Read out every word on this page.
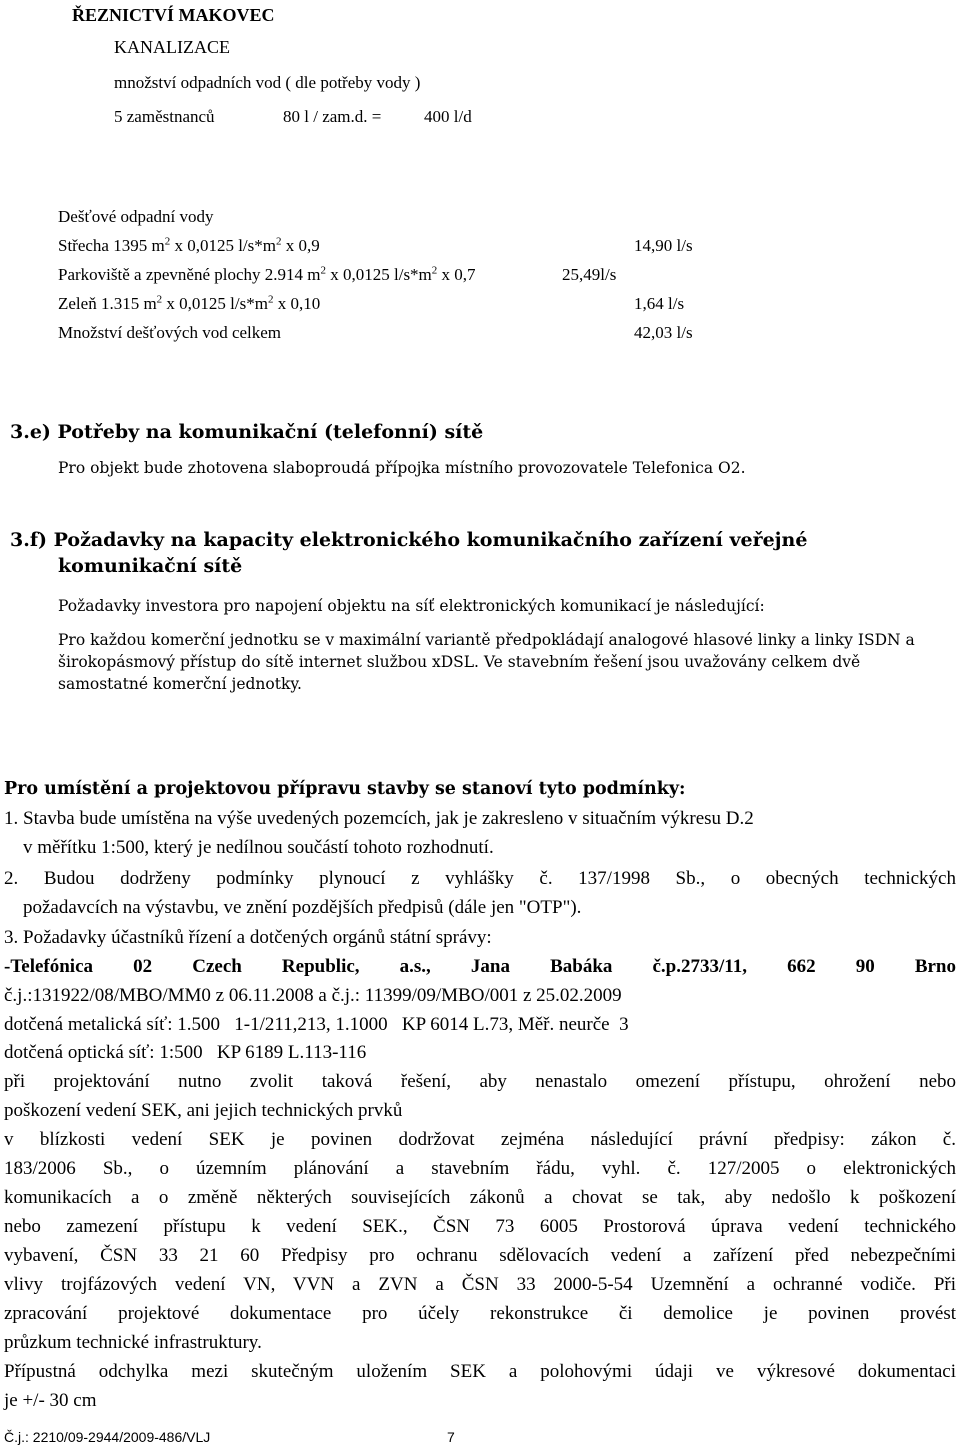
ŘEZNICTVÍ MAKOVEC
KANALIZACE
množství odpadních vod ( dle potřeby vody )
5 zaměstnanců	80 l / zam.d. =	400 l/d
Dešťové odpadní vody
Střecha 1395 $m^2$ x 0,0125 $l/s*m^2$ x 0,9	14,90 l/s
Parkoviště a zpevněné plochy 2.914 $m^2$ x 0,0125 $l/s*m^2$ x 0,7	25,49l/s
Zeleň 1.315 $m^2$ x 0,0125 $l/s*m^2$ x 0,10	1,64 l/s
Množství dešťových vod celkem	42,03 l/s
3.e) Potřeby na komunikační (telefonní) sítě
Pro objekt bude zhotovena slaboproudá přípojka místního provozovatele Telefonica O2.
3.f) Požadavky na kapacity elektronického komunikačního zařízení veřejné
komunikační sítě
Požadavky investora pro napojení objektu na síť elektronických komunikací je následující:
Pro každou komerční jednotku se v maximální variantě předpokládají analogové hlasové linky a linky ISDN a
širokopásmový přístup do sítě internet službou xDSL. Ve stavebním řešení jsou uvažovány celkem dvě
samostatné komerční jednotky.
Pro umístění a projektovou přípravu stavby se stanoví tyto podmínky:
1. Stavba bude umístěna na výše uvedených pozemcích, jak je zakresleno v situačním výkresu D.2
v měřítku 1:500, který je nedílnou součástí tohoto rozhodnutí.
2. Budou dodrženy podmínky plynoucí z vyhlášky č. 137/1998 Sb., o obecných technických
požadavcích na výstavbu, ve znění pozdějších předpisů (dále jen "OTP").
3. Požadavky účastníků řízení a dotčených orgánů státní správy:
-Telefónica 02 Czech Republic, a.s., Jana Babáka č.p.2733/11, 662 90 Brno
č.j.:131922/08/MBO/MM0 z 06.11.2008 a č.j.: 11399/09/MBO/001 z 25.02.2009
dotčená metalická síť: 1.500   1-1/211,213, 1.1000   KP 6014 L.73, Měř. neurče  3
dotčená optická síť: 1:500   KP 6189 L.113-116
při projektování nutno zvolit taková řešení, aby nenastalo omezení přístupu, ohrožení nebo
poškození vedení SEK, ani jejich technických prvků
v blízkosti vedení SEK je povinen dodržovat zejména následující právní předpisy: zákon č.
183/2006 Sb., o územním plánování a stavebním řádu, vyhl. č. 127/2005 o elektronických
komunikacích a o změně některých souvisejících zákonů a chovat se tak, aby nedošlo k poškození
nebo zamezení přístupu k vedení SEK., ČSN 73 6005 Prostorová úprava vedení technického
vybavení, ČSN 33 21 60 Předpisy pro ochranu sdělovacích vedení a zařízení před nebezpečními
vlivy trojfázových vedení VN, VVN a ZVN a ČSN 33 2000-5-54 Uzemnění a ochranné vodiče. Při
zpracování projektové dokumentace pro účely rekonstrukce či demolice je povinen provést
průzkum technické infrastruktury.
Přípustná odchylka mezi skutečným uložením SEK a polohovými údaji ve výkresové dokumentaci
je +/- 30 cm
Č.j.: 2210/09-2944/2009-486/VLJ	7
